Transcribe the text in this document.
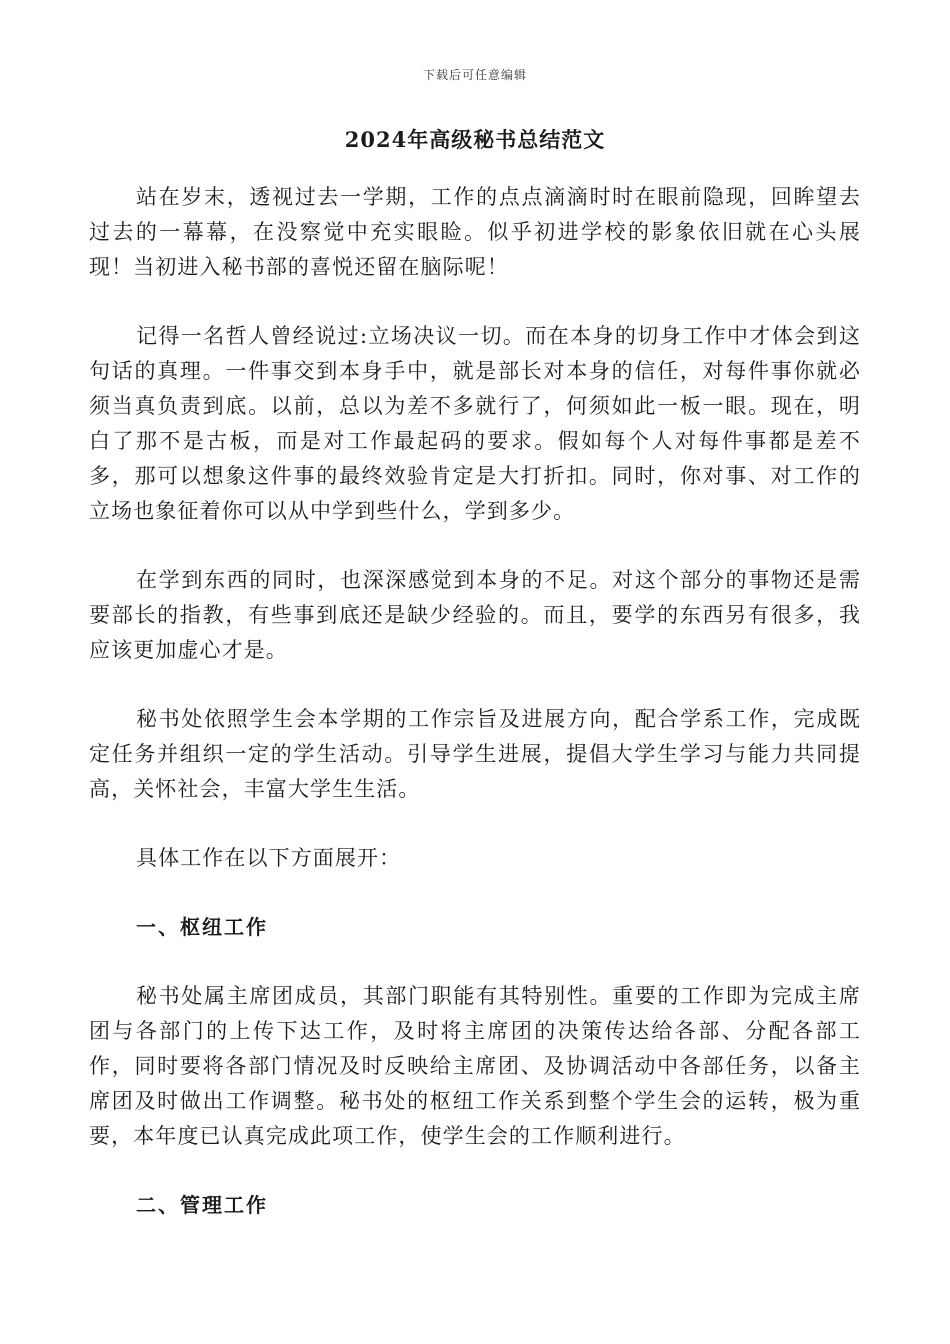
下载后可任意编辑
2024年高级秘书总结范文

站在岁末，透视过去一学期，工作的点点滴滴时时在眼前隐现，回眸望去过去的一幕幕，在没察觉中充实眼睑。似乎初进学校的影象依旧就在心头展现！当初进入秘书部的喜悦还留在脑际呢！

记得一名哲人曾经说过:立场决议一切。而在本身的切身工作中才体会到这句话的真理。一件事交到本身手中，就是部长对本身的信任，对每件事你就必须当真负责到底。以前，总以为差不多就行了，何须如此一板一眼。现在，明白了那不是古板，而是对工作最起码的要求。假如每个人对每件事都是差不多，那可以想象这件事的最终效验肯定是大打折扣。同时，你对事、对工作的立场也象征着你可以从中学到些什么，学到多少。

在学到东西的同时，也深深感觉到本身的不足。对这个部分的事物还是需要部长的指教，有些事到底还是缺少经验的。而且，要学的东西另有很多，我应该更加虚心才是。

秘书处依照学生会本学期的工作宗旨及进展方向，配合学系工作，完成既定任务并组织一定的学生活动。引导学生进展，提倡大学生学习与能力共同提高，关怀社会，丰富大学生生活。

具体工作在以下方面展开：

一、枢纽工作

秘书处属主席团成员，其部门职能有其特别性。重要的工作即为完成主席团与各部门的上传下达工作，及时将主席团的决策传达给各部、分配各部工作，同时要将各部门情况及时反映给主席团、及协调活动中各部任务，以备主席团及时做出工作调整。秘书处的枢纽工作关系到整个学生会的运转，极为重要，本年度已认真完成此项工作，使学生会的工作顺利进行。

二、管理工作
